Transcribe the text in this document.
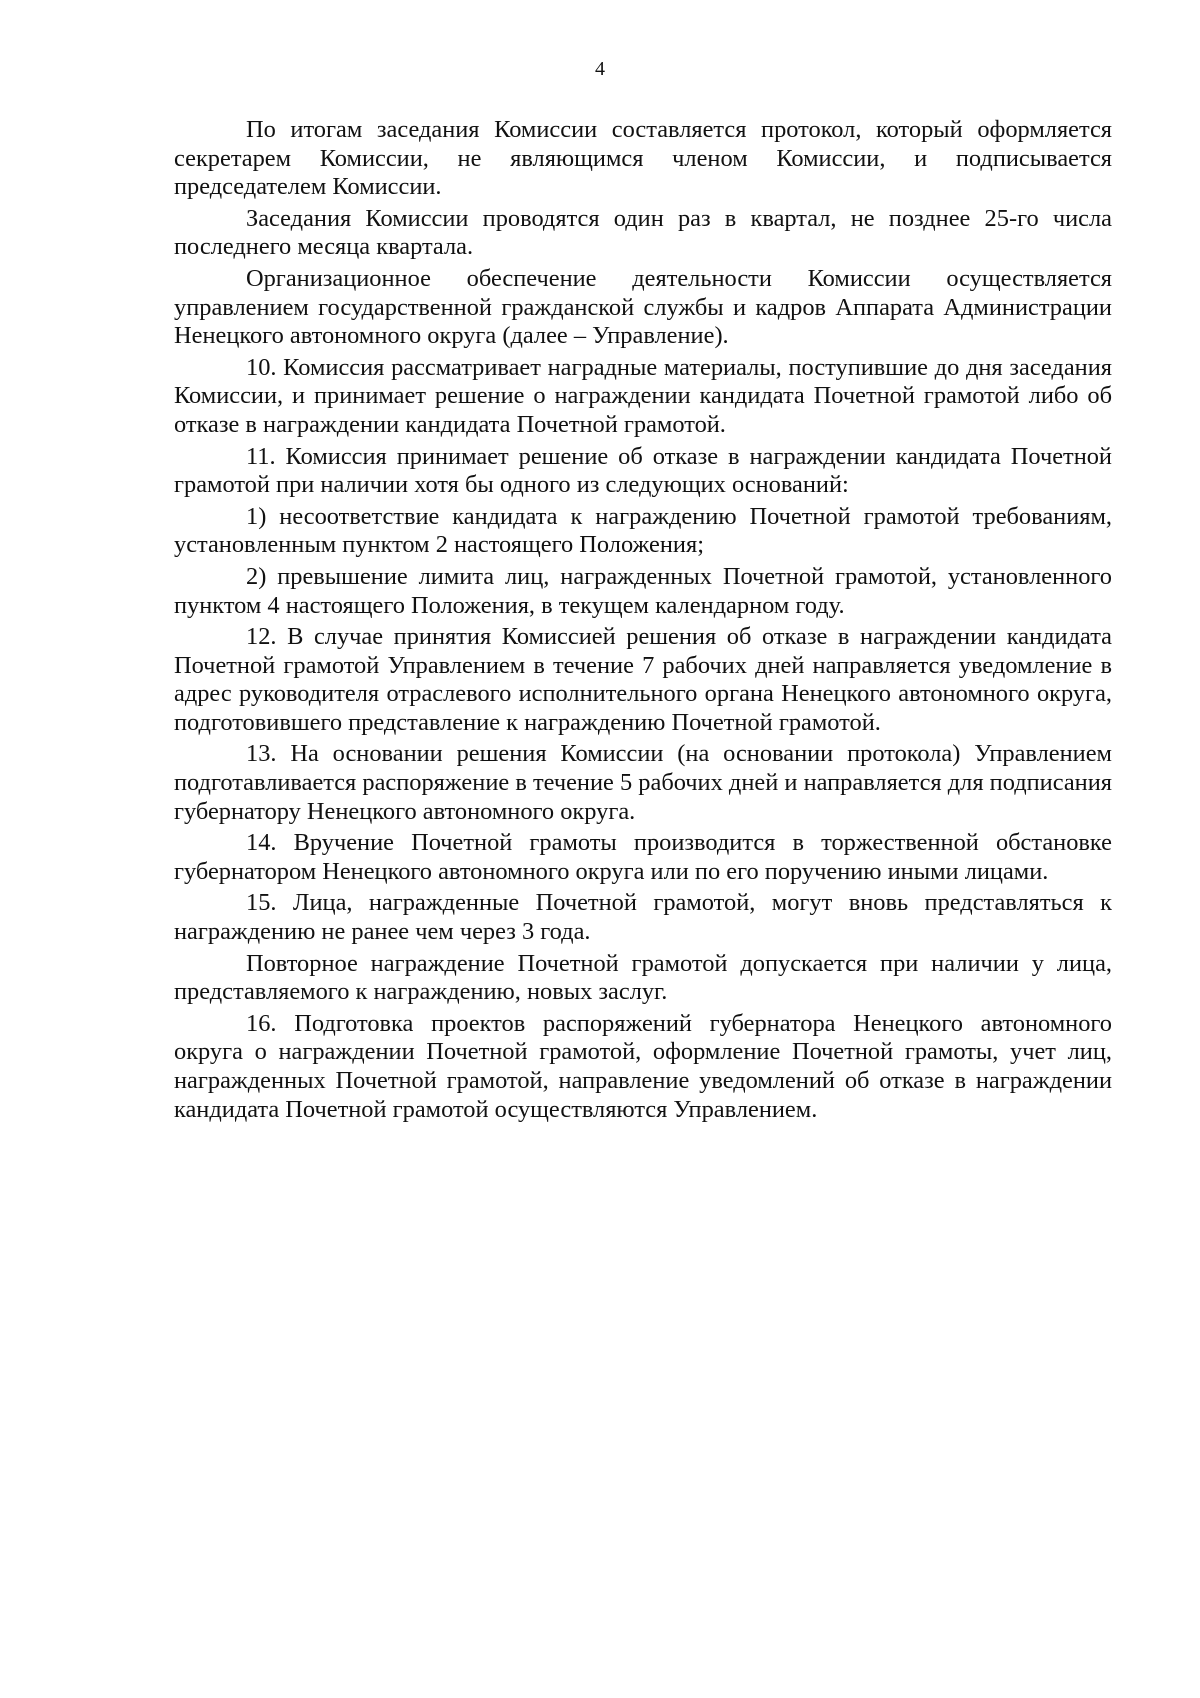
4

По итогам заседания Комиссии составляется протокол, который оформляется секретарем Комиссии, не являющимся членом Комиссии, и подписывается председателем Комиссии.

Заседания Комиссии проводятся один раз в квартал, не позднее 25-го числа последнего месяца квартала.

Организационное обеспечение деятельности Комиссии осуществляется управлением государственной гражданской службы и кадров Аппарата Администрации Ненецкого автономного округа (далее – Управление).

10. Комиссия рассматривает наградные материалы, поступившие до дня заседания Комиссии, и принимает решение о награждении кандидата Почетной грамотой либо об отказе в награждении кандидата Почетной грамотой.

11. Комиссия принимает решение об отказе в награждении кандидата Почетной грамотой при наличии хотя бы одного из следующих оснований:

1) несоответствие кандидата к награждению Почетной грамотой требованиям, установленным пунктом 2 настоящего Положения;

2) превышение лимита лиц, награжденных Почетной грамотой, установленного пунктом 4 настоящего Положения, в текущем календарном году.

12. В случае принятия Комиссией решения об отказе в награждении кандидата Почетной грамотой Управлением в течение 7 рабочих дней направляется уведомление в адрес руководителя отраслевого исполнительного органа Ненецкого автономного округа, подготовившего представление к награждению Почетной грамотой.

13. На основании решения Комиссии (на основании протокола) Управлением подготавливается распоряжение в течение 5 рабочих дней и направляется для подписания губернатору Ненецкого автономного округа.

14. Вручение Почетной грамоты производится в торжественной обстановке губернатором Ненецкого автономного округа или по его поручению иными лицами.

15. Лица, награжденные Почетной грамотой, могут вновь представляться к награждению не ранее чем через 3 года.

Повторное награждение Почетной грамотой допускается при наличии у лица, представляемого к награждению, новых заслуг.

16. Подготовка проектов распоряжений губернатора Ненецкого автономного округа о награждении Почетной грамотой, оформление Почетной грамоты, учет лиц, награжденных Почетной грамотой, направление уведомлений об отказе в награждении кандидата Почетной грамотой осуществляются Управлением.
